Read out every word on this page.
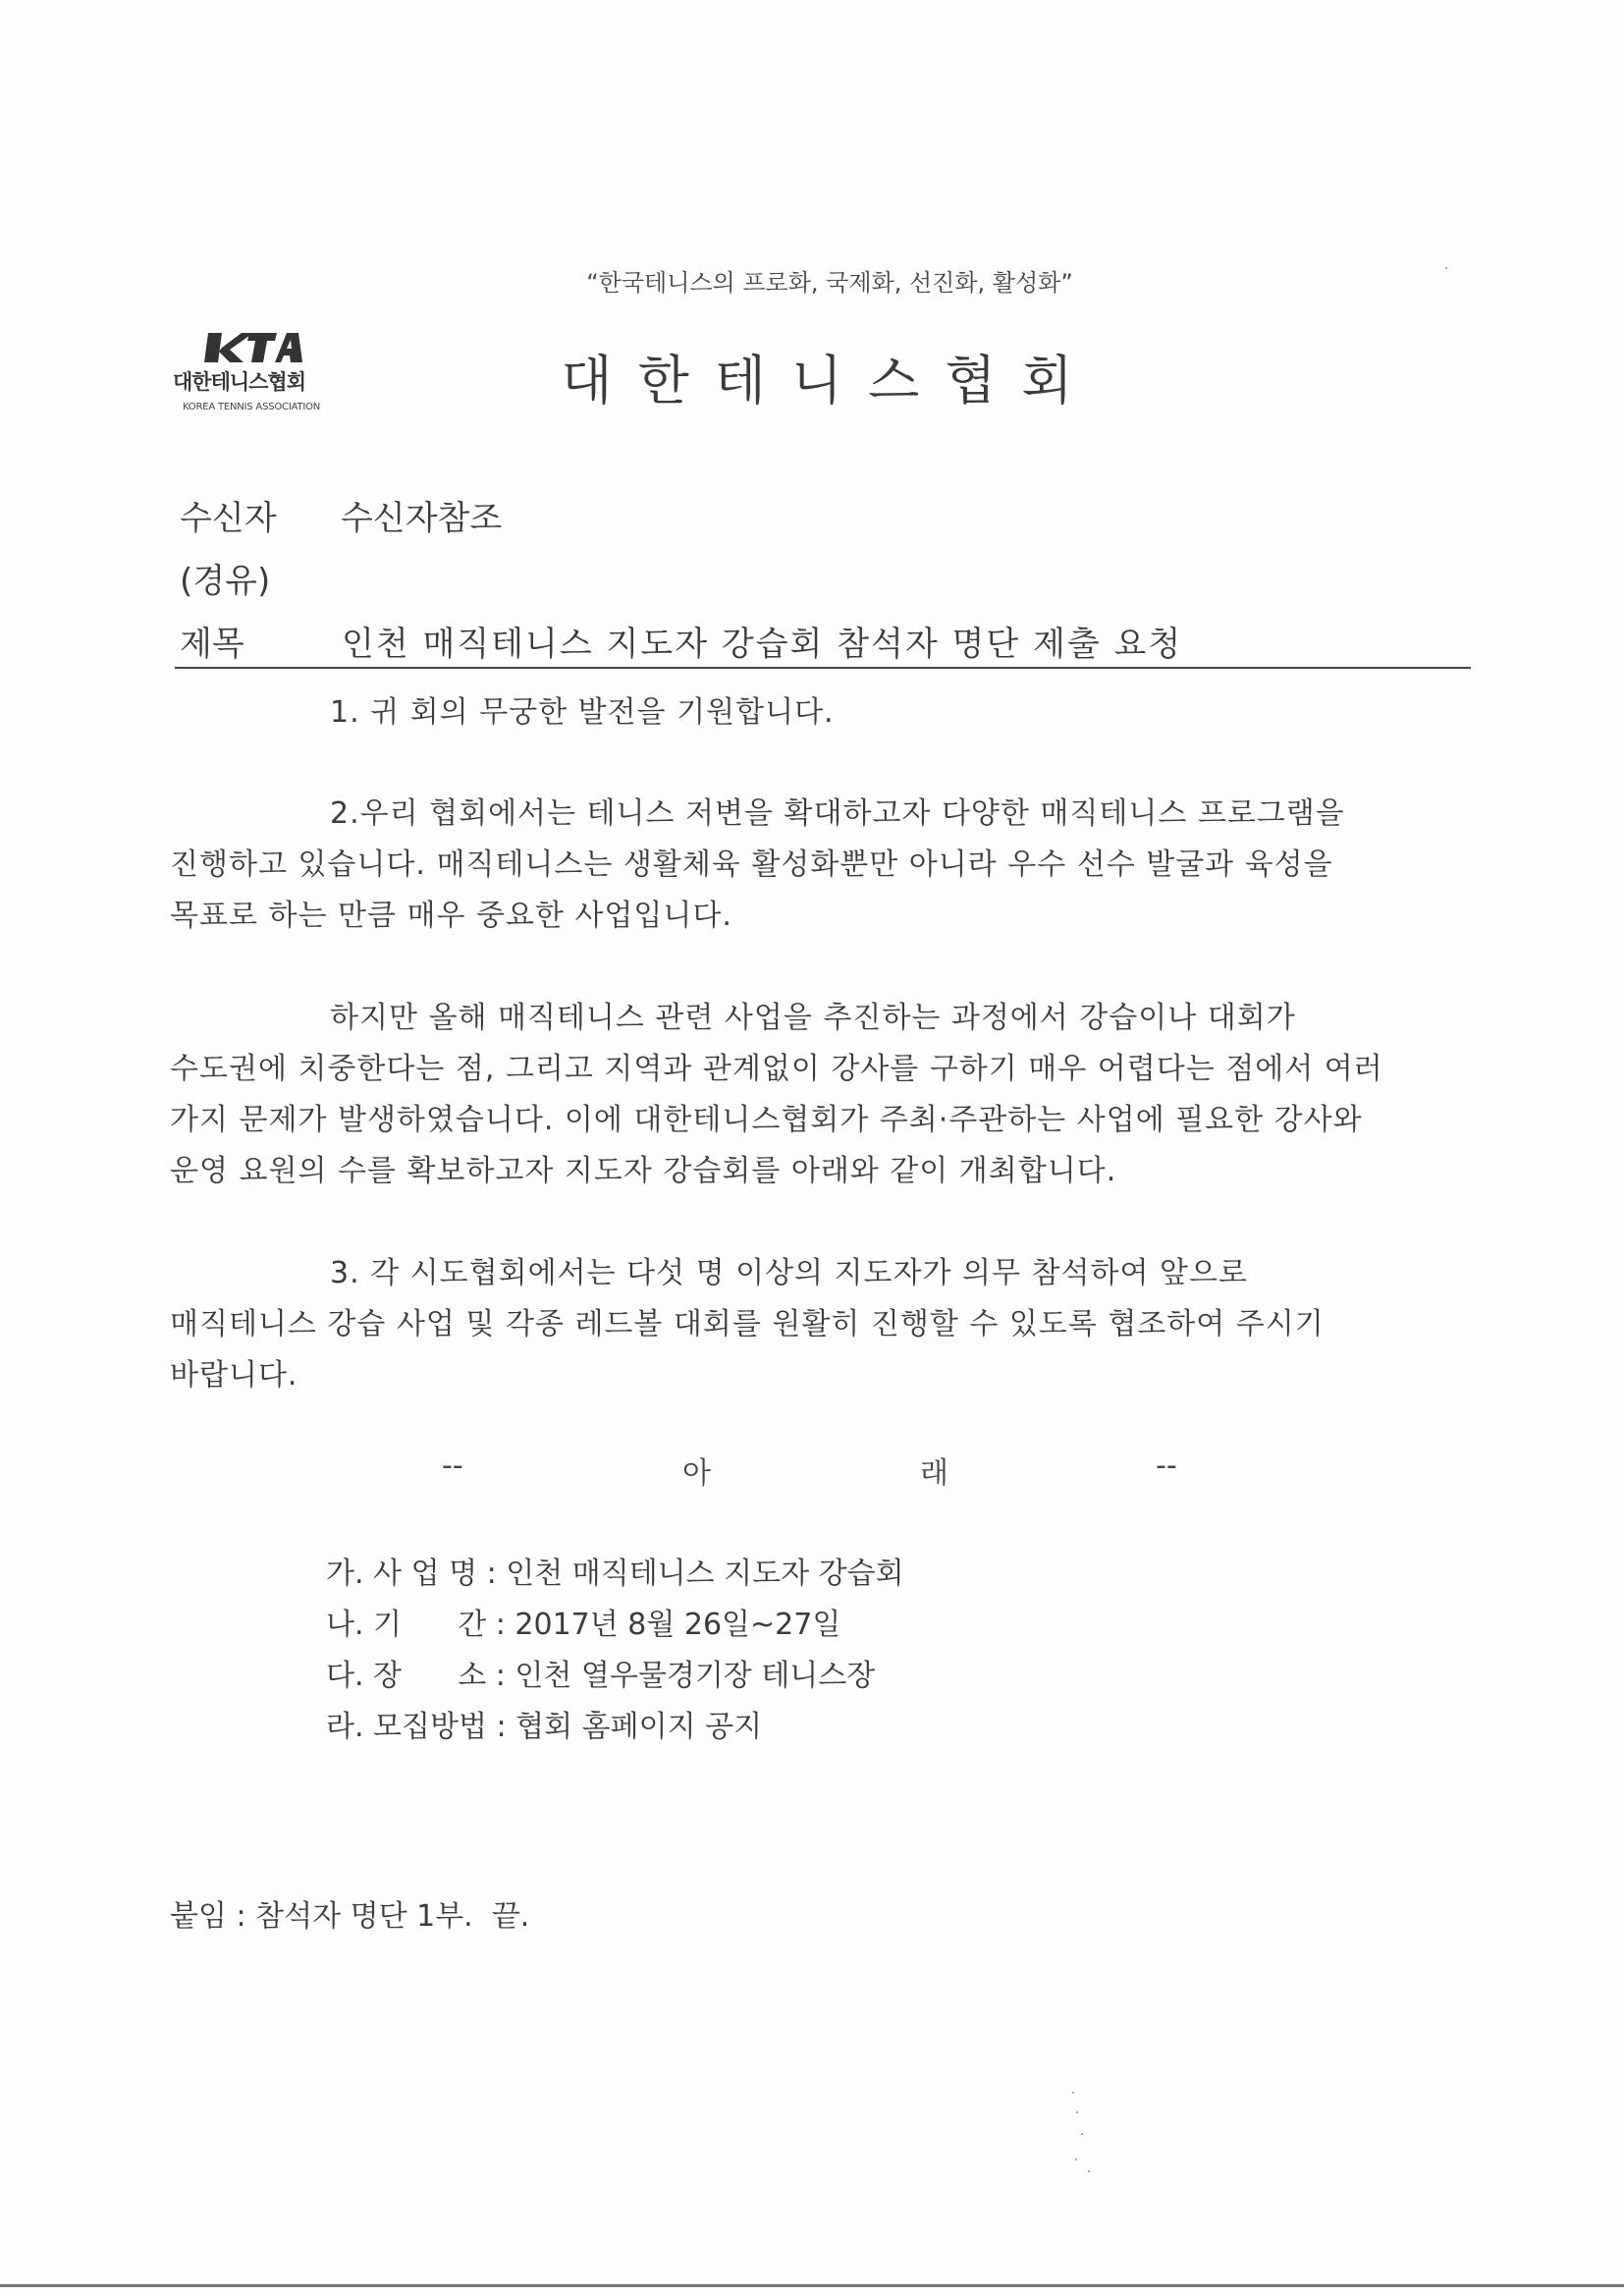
“한국테니스의 프로화, 국제화, 선진화, 활성화”
대한테니스협회
KOREA TENNIS ASSOCIATION	대한테니스협회
수신자 수신자참조
(경유)
제목	인천 매직테니스 지도자 강습회 참석자 명단 제출 요청
1. 귀 회의 무궁한 발전을 기원합니다.
2.우리 협회에서는 테니스 저변을 확대하고자 다양한 매직테니스 프로그램을
진행하고 있습니다. 매직테니스는 생활체육 활성화뿐만 아니라 우수 선수 발굴과 육성을
목표로 하는 만큼 매우 중요한 사업입니다.
하지만 올해 매직테니스 관련 사업을 추진하는 과정에서 강습이나 대회가
수도권에 치중한다는 점, 그리고 지역과 관계없이 강사를 구하기 매우 어렵다는 점에서 여러
가지 문제가 발생하였습니다. 이에 대한테니스협회가 주최·주관하는 사업에 필요한 강사와
운영 요원의 수를 확보하고자 지도자 강습회를 아래와 같이 개최합니다.
3. 각 시도협회에서는 다섯 명 이상의 지도자가 의무 참석하여 앞으로
매직테니스 강습 사업 및 각종 레드볼 대회를 원활히 진행할 수 있도록 협조하여 주시기
바랍니다.
--	아	래	--
가. 사 업 명 : 인천 매직테니스 지도자 강습회
나. 기      간 : 2017년 8월 26일~27일
다. 장      소 : 인천 열우물경기장 테니스장
라. 모집방법 : 협회 홈페이지 공지
붙임 : 참석자 명단 1부.  끝.
